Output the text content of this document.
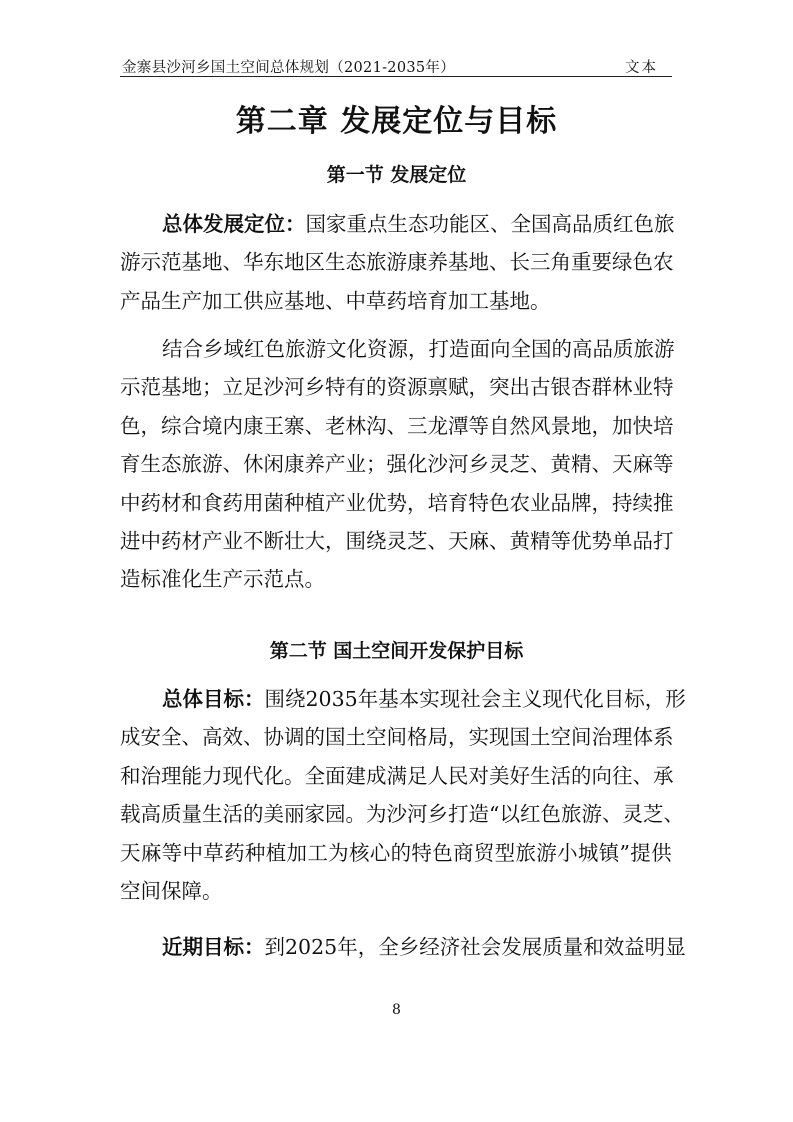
金寨县沙河乡国土空间总体规划（2021-2035年）	文本
第二章 发展定位与目标
第一节 发展定位
总体发展定位： 国 家 重 点 生 态 功 能 区 、 全 国 高 品 质 红 色 旅
游 示 范 基 地 、 华 东 地 区 生 态 旅 游 康 养 基 地 、 长 三 角 重 要 绿 色 农
产品生产加工供应基地、中草药培育加工基地。
结 合 乡 域 红 色 旅 游 文 化 资 源 ， 打 造 面 向 全 国 的 高 品 质 旅 游
示 范 基 地 ； 立 足 沙 河 乡 特 有 的 资 源 禀 赋 ， 突 出 古 银 杏 群 林 业 特
色 ， 综 合 境 内 康 王 寨 、 老 林 沟 、 三 龙 潭 等 自 然 风 景 地 ， 加 快 培
育 生 态 旅 游 、 休 闲 康 养 产 业 ； 强 化 沙 河 乡 灵 芝 、 黄 精 、 天 麻 等
中 药 材 和 食 药 用 菌 种 植 产 业 优 势 ， 培 育 特 色 农 业 品 牌 ， 持 续 推
进 中 药 材 产 业 不 断 壮 大 ， 围 绕 灵 芝 、 天 麻 、 黄 精 等 优 势 单 品 打
造标准化生产示范点。
第二节 国土空间开发保护目标
总体目标： 围 绕 2 0 3 5 年 基 本 实 现 社 会 主 义 现 代 化 目 标 ， 形
成 安 全 、 高 效 、 协 调 的 国 土 空 间 格 局 ， 实 现 国 土 空 间 治 理 体 系
和 治 理 能 力 现 代 化 。 全 面 建 成 满 足 人 民 对 美 好 生 活 的 向 往 、 承
载 高 质 量 生 活 的 美 丽 家 园 。 为 沙 河 乡 打 造 “ 以 红 色 旅 游 、 灵 芝 、
天 麻 等 中 草 药 种 植 加 工 为 核 心 的 特 色 商 贸 型 旅 游 小 城 镇 ” 提 供
空间保障。
近期目标： 到 2 0 2 5 年 ， 全 乡 经 济 社 会 发 展 质 量 和 效 益 明 显
8
